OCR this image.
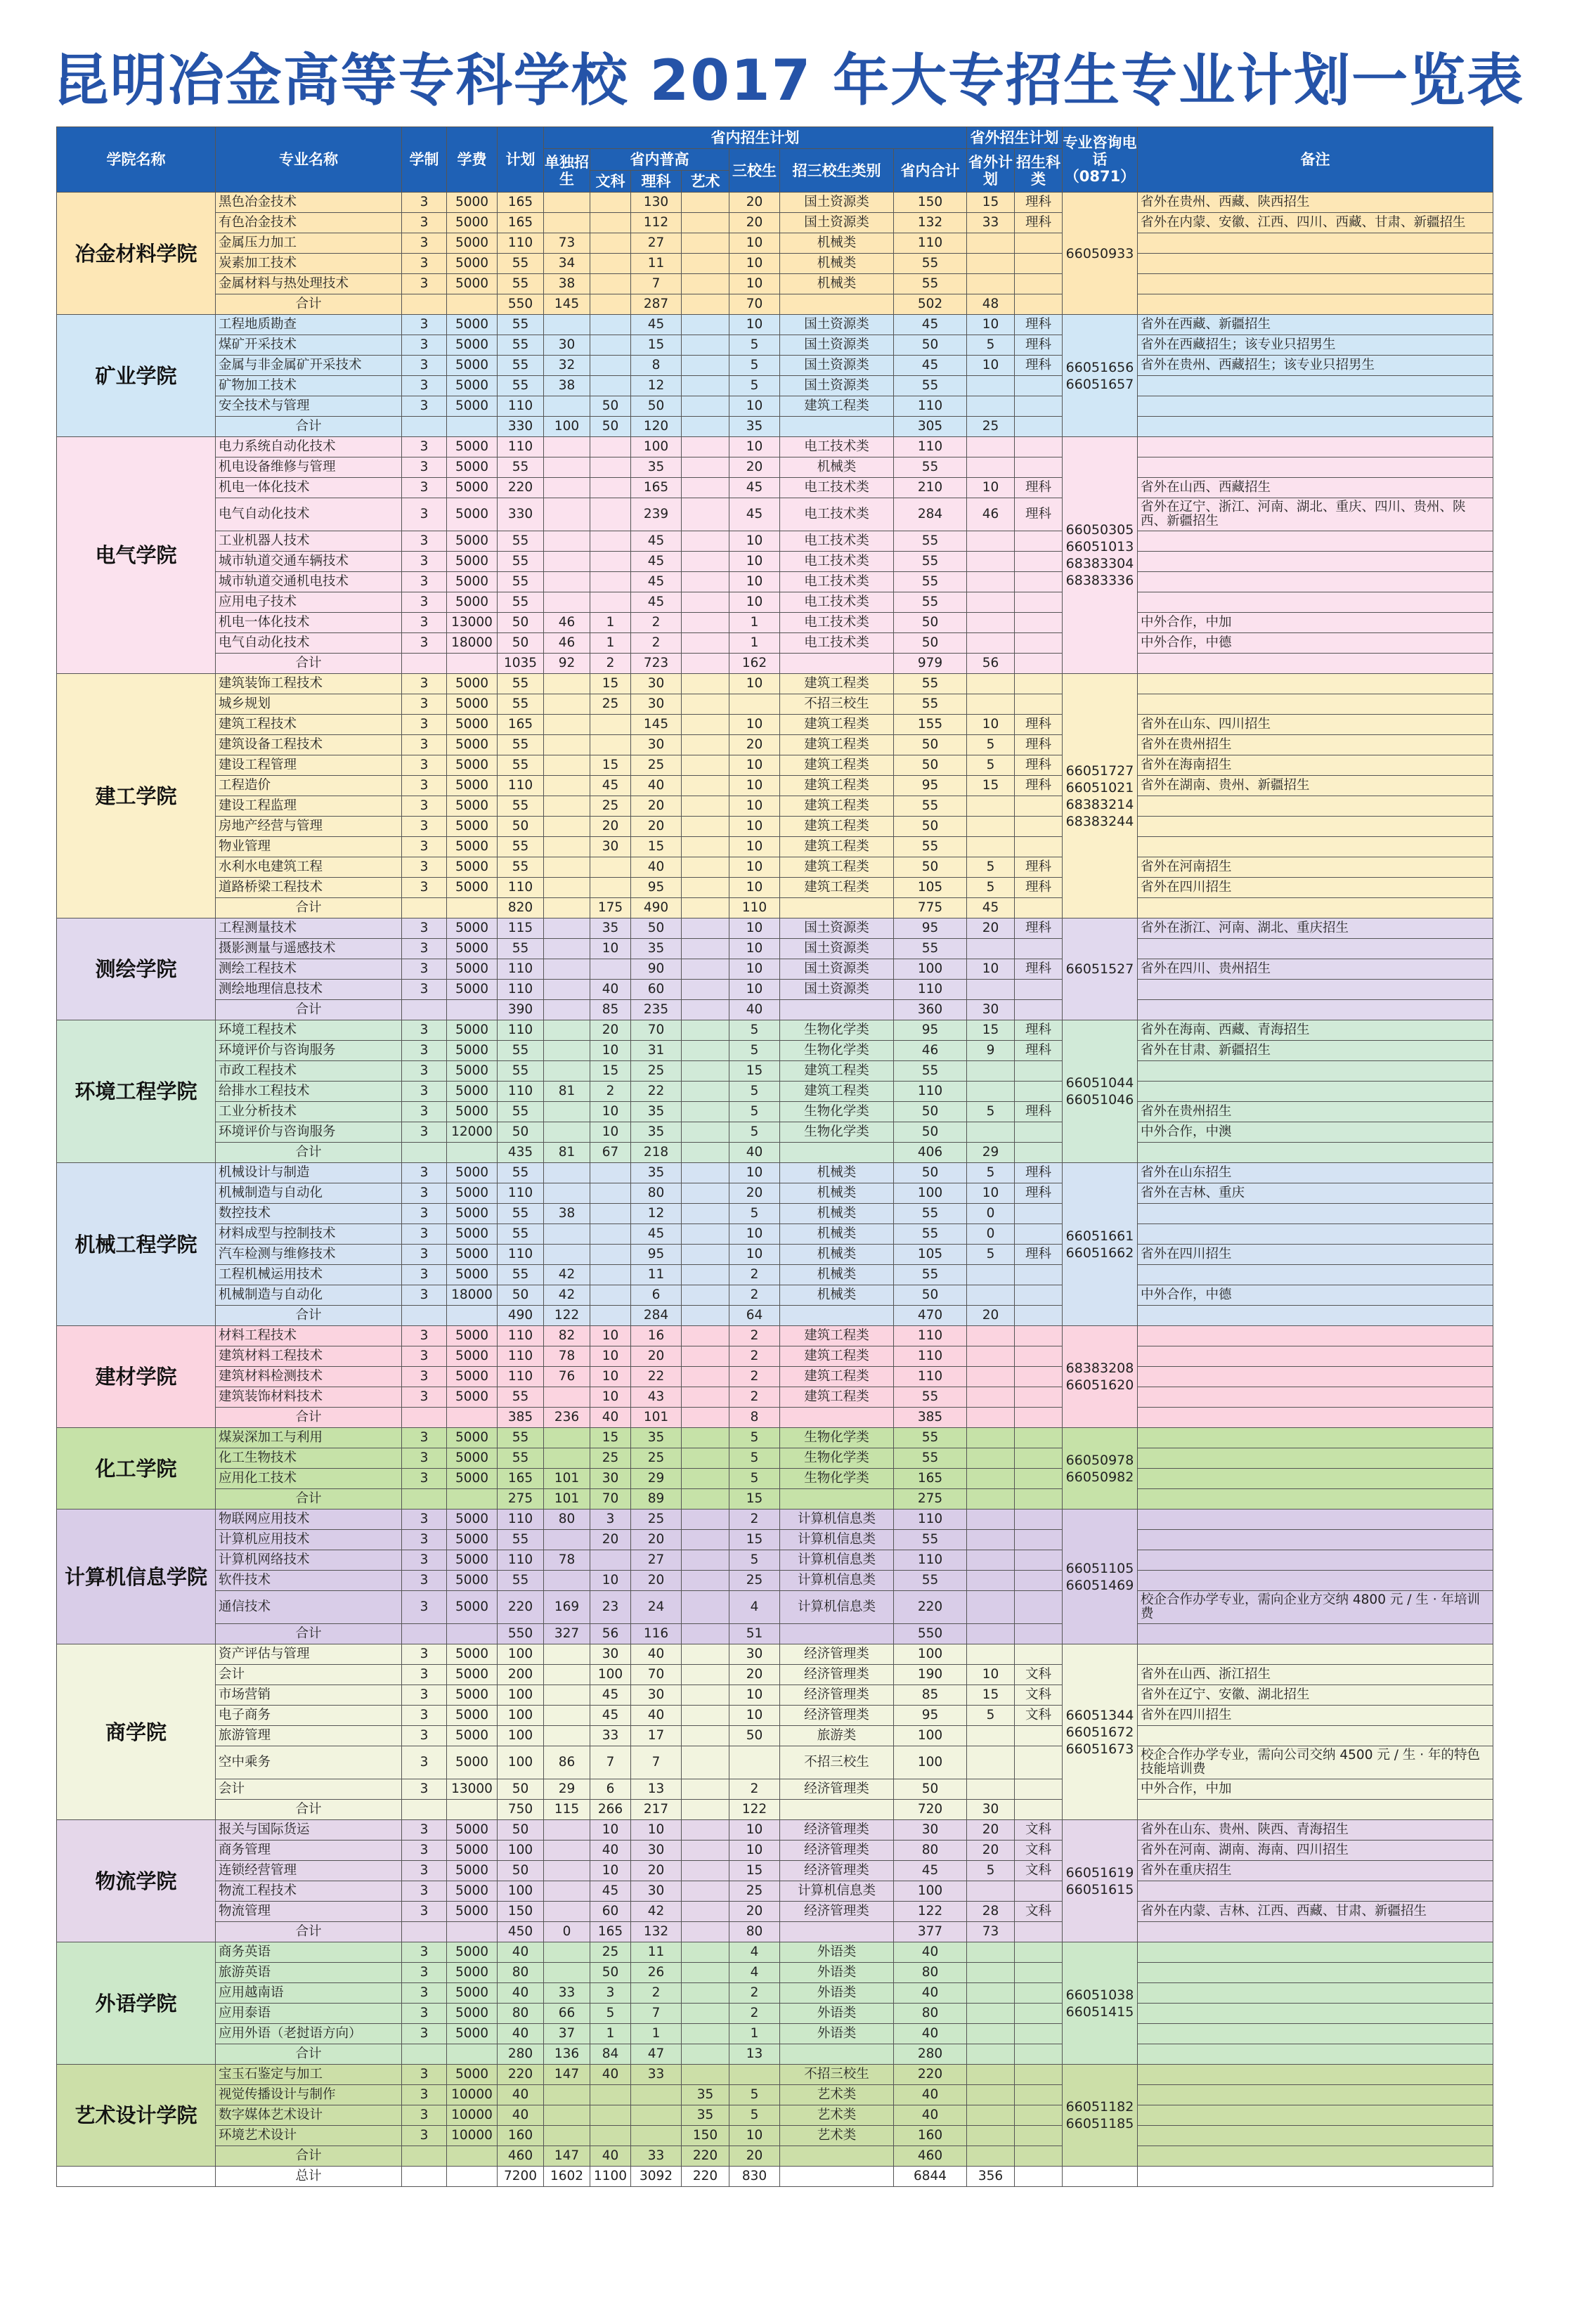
昆明冶金高等专科学校 2017 年大专招生专业计划一览表
学院名称	专业名称	学制	学费	计划	省内招生计划							省外招生计划		专业咨询电话（0871）	备注
					单独招生	省内普高			三校生	招三校生类别	省内合计	省外计划	招生科类		
						文科	理科	艺术							
冶金材料学院	黑色冶金技术	3	5000	165			130		20	国土资源类	150	15	理科	66050933	省外在贵州、西藏、陕西招生
	有色冶金技术	3	5000	165			112		20	国土资源类	132	33	理科		省外在内蒙、安徽、江西、四川、西藏、甘肃、新疆招生
	金属压力加工	3	5000	110	73		27		10	机械类	110				
	炭素加工技术	3	5000	55	34		11		10	机械类	55				
	金属材料与热处理技术	3	5000	55	38		7		10	机械类	55				
	合计			550	145		287		70		502	48			
矿业学院	工程地质勘查	3	5000	55			45		10	国土资源类	45	10	理科	66051656 66051657	省外在西藏、新疆招生
	煤矿开采技术	3	5000	55	30		15		5	国土资源类	50	5	理科		省外在西藏招生；该专业只招男生
	金属与非金属矿开采技术	3	5000	55	32		8		5	国土资源类	45	10	理科		省外在贵州、西藏招生；该专业只招男生
	矿物加工技术	3	5000	55	38		12		5	国土资源类	55				
	安全技术与管理	3	5000	110		50	50		10	建筑工程类	110				
	合计			330	100	50	120		35		305	25			
电气学院	电力系统自动化技术	3	5000	110			100		10	电工技术类	110			66050305 66051013 68383304 68383336	
	机电设备维修与管理	3	5000	55			35		20	机械类	55				
	机电一体化技术	3	5000	220			165		45	电工技术类	210	10	理科		省外在山西、西藏招生
	电气自动化技术	3	5000	330			239		45	电工技术类	284	46	理科		省外在辽宁、浙江、河南、湖北、重庆、四川、贵州、陕西、新疆招生
	工业机器人技术	3	5000	55			45		10	电工技术类	55				
	城市轨道交通车辆技术	3	5000	55			45		10	电工技术类	55				
	城市轨道交通机电技术	3	5000	55			45		10	电工技术类	55				
	应用电子技术	3	5000	55			45		10	电工技术类	55				
	机电一体化技术	3	13000	50	46	1	2		1	电工技术类	50				中外合作，中加
	电气自动化技术	3	18000	50	46	1	2		1	电工技术类	50				中外合作，中德
	合计			1035	92	2	723		162		979	56			
建工学院	建筑装饰工程技术	3	5000	55		15	30		10	建筑工程类	55			66051727 66051021 68383214 68383244	
	城乡规划	3	5000	55		25	30			不招三校生	55				
	建筑工程技术	3	5000	165			145		10	建筑工程类	155	10	理科		省外在山东、四川招生
	建筑设备工程技术	3	5000	55			30		20	建筑工程类	50	5	理科		省外在贵州招生
	建设工程管理	3	5000	55		15	25		10	建筑工程类	50	5	理科		省外在海南招生
	工程造价	3	5000	110		45	40		10	建筑工程类	95	15	理科		省外在湖南、贵州、新疆招生
	建设工程监理	3	5000	55		25	20		10	建筑工程类	55				
	房地产经营与管理	3	5000	50		20	20		10	建筑工程类	50				
	物业管理	3	5000	55		30	15		10	建筑工程类	55				
	水利水电建筑工程	3	5000	55			40		10	建筑工程类	50	5	理科		省外在河南招生
	道路桥梁工程技术	3	5000	110			95		10	建筑工程类	105	5	理科		省外在四川招生
	合计			820		175	490		110		775	45			
测绘学院	工程测量技术	3	5000	115		35	50		10	国土资源类	95	20	理科	66051527	省外在浙江、河南、湖北、重庆招生
	摄影测量与遥感技术	3	5000	55		10	35		10	国土资源类	55				
	测绘工程技术	3	5000	110			90		10	国土资源类	100	10	理科		省外在四川、贵州招生
	测绘地理信息技术	3	5000	110		40	60		10	国土资源类	110				
	合计			390		85	235		40		360	30			
环境工程学院	环境工程技术	3	5000	110		20	70		5	生物化学类	95	15	理科	66051044 66051046	省外在海南、西藏、青海招生
	环境评价与咨询服务	3	5000	55		10	31		5	生物化学类	46	9	理科		省外在甘肃、新疆招生
	市政工程技术	3	5000	55		15	25		15	建筑工程类	55				
	给排水工程技术	3	5000	110	81	2	22		5	建筑工程类	110				
	工业分析技术	3	5000	55		10	35		5	生物化学类	50	5	理科		省外在贵州招生
	环境评价与咨询服务	3	12000	50		10	35		5	生物化学类	50				中外合作，中澳
	合计			435	81	67	218		40		406	29			
机械工程学院	机械设计与制造	3	5000	55			35		10	机械类	50	5	理科	66051661 66051662	省外在山东招生
	机械制造与自动化	3	5000	110			80		20	机械类	100	10	理科		省外在吉林、重庆
	数控技术	3	5000	55	38		12		5	机械类	55	0			
	材料成型与控制技术	3	5000	55			45		10	机械类	55	0			
	汽车检测与维修技术	3	5000	110			95		10	机械类	105	5	理科		省外在四川招生
	工程机械运用技术	3	5000	55	42		11		2	机械类	55				
	机械制造与自动化	3	18000	50	42		6		2	机械类	50				中外合作，中德
	合计			490	122		284		64		470	20			
建材学院	材料工程技术	3	5000	110	82	10	16		2	建筑工程类	110			68383208 66051620	
	建筑材料工程技术	3	5000	110	78	10	20		2	建筑工程类	110				
	建筑材料检测技术	3	5000	110	76	10	22		2	建筑工程类	110				
	建筑装饰材料技术	3	5000	55		10	43		2	建筑工程类	55				
	合计			385	236	40	101		8		385				
化工学院	煤炭深加工与利用	3	5000	55		15	35		5	生物化学类	55			66050978 66050982	
	化工生物技术	3	5000	55		25	25		5	生物化学类	55				
	应用化工技术	3	5000	165	101	30	29		5	生物化学类	165				
	合计			275	101	70	89		15		275				
计算机信息学院	物联网应用技术	3	5000	110	80	3	25		2	计算机信息类	110			66051105 66051469	
	计算机应用技术	3	5000	55		20	20		15	计算机信息类	55				
	计算机网络技术	3	5000	110	78		27		5	计算机信息类	110				
	软件技术	3	5000	55		10	20		25	计算机信息类	55				
	通信技术	3	5000	220	169	23	24		4	计算机信息类	220				校企合作办学专业，需向企业方交纳 4800 元 / 生 · 年培训费
	合计			550	327	56	116		51		550				
商学院	资产评估与管理	3	5000	100		30	40		30	经济管理类	100			66051344 66051672 66051673	
	会计	3	5000	200		100	70		20	经济管理类	190	10	文科		省外在山西、浙江招生
	市场营销	3	5000	100		45	30		10	经济管理类	85	15	文科		省外在辽宁、安徽、湖北招生
	电子商务	3	5000	100		45	40		10	经济管理类	95	5	文科		省外在四川招生
	旅游管理	3	5000	100		33	17		50	旅游类	100				
	空中乘务	3	5000	100	86	7	7			不招三校生	100				校企合作办学专业，需向公司交纳 4500 元 / 生 · 年的特色技能培训费
	会计	3	13000	50	29	6	13		2	经济管理类	50				中外合作，中加
	合计			750	115	266	217		122		720	30			
物流学院	报关与国际货运	3	5000	50		10	10		10	经济管理类	30	20	文科	66051619 66051615	省外在山东、贵州、陕西、青海招生
	商务管理	3	5000	100		40	30		10	经济管理类	80	20	文科		省外在河南、湖南、海南、四川招生
	连锁经营管理	3	5000	50		10	20		15	经济管理类	45	5	文科		省外在重庆招生
	物流工程技术	3	5000	100		45	30		25	计算机信息类	100				
	物流管理	3	5000	150		60	42		20	经济管理类	122	28	文科		省外在内蒙、吉林、江西、西藏、甘肃、新疆招生
	合计			450	0	165	132		80		377	73			
外语学院	商务英语	3	5000	40		25	11		4	外语类	40			66051038 66051415	
	旅游英语	3	5000	80		50	26		4	外语类	80				
	应用越南语	3	5000	40	33	3	2		2	外语类	40				
	应用泰语	3	5000	80	66	5	7		2	外语类	80				
	应用外语（老挝语方向）	3	5000	40	37	1	1		1	外语类	40				
	合计			280	136	84	47		13		280				
艺术设计学院	宝玉石鉴定与加工	3	5000	220	147	40	33			不招三校生	220			66051182 66051185	
	视觉传播设计与制作	3	10000	40				35	5	艺术类	40				
	数字媒体艺术设计	3	10000	40				35	5	艺术类	40				
	环境艺术设计	3	10000	160				150	10	艺术类	160				
	合计			460	147	40	33	220	20		460				
	总计			7200	1602	1100	3092	220	830		6844	356			
